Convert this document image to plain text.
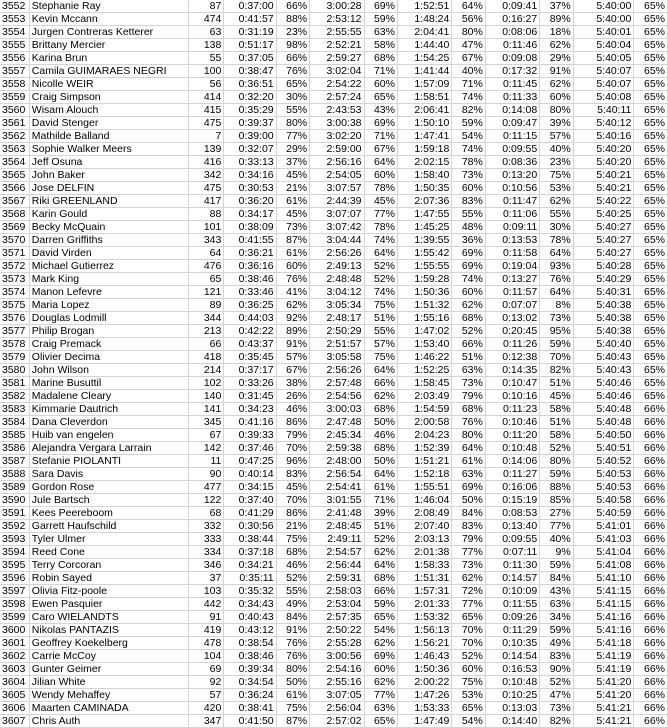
3552	Stephanie Ray	87	0:37:00	66%	3:00:28	69%	1:52:51	64%	0:09:41	37%	5:40:00	65%
3553	Kevin Mccann	474	0:41:57	88%	2:53:12	59%	1:48:24	56%	0:16:27	89%	5:40:00	65%
3554	Jurgen Contreras Ketterer	63	0:31:19	23%	2:55:55	63%	2:04:41	80%	0:08:06	18%	5:40:01	65%
3555	Brittany Mercier	138	0:51:17	98%	2:52:21	58%	1:44:40	47%	0:11:46	62%	5:40:04	65%
3556	Karina Brun	55	0:37:05	66%	2:59:27	68%	1:54:25	67%	0:09:08	29%	5:40:05	65%
3557	Camila GUIMARAES NEGRI	100	0:38:47	76%	3:02:04	71%	1:41:44	40%	0:17:32	91%	5:40:07	65%
3558	Nicolle WEIR	56	0:36:51	65%	2:54:22	60%	1:57:09	71%	0:11:45	62%	5:40:07	65%
3559	Craig Simpson	414	0:32:20	30%	2:57:24	65%	1:58:51	74%	0:11:33	60%	5:40:08	65%
3560	Wisam Alouch	415	0:35:29	55%	2:43:53	43%	2:06:41	82%	0:14:08	80%	5:40:11	65%
3561	David Stenger	475	0:39:37	80%	3:00:38	69%	1:50:10	59%	0:09:47	39%	5:40:12	65%
3562	Mathilde Balland	7	0:39:00	77%	3:02:20	71%	1:47:41	54%	0:11:15	57%	5:40:16	65%
3563	Sophie Walker Meers	139	0:32:07	29%	2:59:00	67%	1:59:18	74%	0:09:55	40%	5:40:20	65%
3564	Jeff Osuna	416	0:33:13	37%	2:56:16	64%	2:02:15	78%	0:08:36	23%	5:40:20	65%
3565	John Baker	342	0:34:16	45%	2:54:05	60%	1:58:40	73%	0:13:20	75%	5:40:21	65%
3566	Jose DELFIN	475	0:30:53	21%	3:07:57	78%	1:50:35	60%	0:10:56	53%	5:40:21	65%
3567	Riki GREENLAND	417	0:36:20	61%	2:44:39	45%	2:07:36	83%	0:11:47	62%	5:40:22	65%
3568	Karin Gould	88	0:34:17	45%	3:07:07	77%	1:47:55	55%	0:11:06	55%	5:40:25	65%
3569	Becky McQuain	101	0:38:09	73%	3:07:42	78%	1:45:25	48%	0:09:11	30%	5:40:27	65%
3570	Darren Griffiths	343	0:41:55	87%	3:04:44	74%	1:39:55	36%	0:13:53	78%	5:40:27	65%
3571	David Virden	64	0:36:21	61%	2:56:26	64%	1:55:42	69%	0:11:58	64%	5:40:27	65%
3572	Michael Gutierrez	476	0:36:16	60%	2:49:13	52%	1:55:55	69%	0:19:04	93%	5:40:28	65%
3573	Mark King	65	0:38:46	76%	2:48:48	52%	1:59:28	74%	0:13:27	76%	5:40:29	65%
3574	Manon Lefevre	121	0:33:46	41%	3:04:12	74%	1:50:36	60%	0:11:57	64%	5:40:31	65%
3575	Maria Lopez	89	0:36:25	62%	3:05:34	75%	1:51:32	62%	0:07:07	8%	5:40:38	65%
3576	Douglas Lodmill	344	0:44:03	92%	2:48:17	51%	1:55:16	68%	0:13:02	73%	5:40:38	65%
3577	Philip Brogan	213	0:42:22	89%	2:50:29	55%	1:47:02	52%	0:20:45	95%	5:40:38	65%
3578	Craig Premack	66	0:43:37	91%	2:51:57	57%	1:53:40	66%	0:11:26	59%	5:40:40	65%
3579	Olivier Decima	418	0:35:45	57%	3:05:58	75%	1:46:22	51%	0:12:38	70%	5:40:43	65%
3580	John Wilson	214	0:37:17	67%	2:56:26	64%	1:52:25	63%	0:14:35	82%	5:40:43	65%
3581	Marine Busuttil	102	0:33:26	38%	2:57:48	66%	1:58:45	73%	0:10:47	51%	5:40:46	65%
3582	Madalene Cleary	140	0:31:45	26%	2:54:56	62%	2:03:49	79%	0:10:16	45%	5:40:46	65%
3583	Kimmarie Dautrich	141	0:34:23	46%	3:00:03	68%	1:54:59	68%	0:11:23	58%	5:40:48	66%
3584	Dana Cleverdon	345	0:41:16	86%	2:47:48	50%	2:00:58	76%	0:10:46	51%	5:40:48	66%
3585	Huib van engelen	67	0:39:33	79%	2:45:34	46%	2:04:23	80%	0:11:20	58%	5:40:50	66%
3586	Alejandra Vergara Larrain	142	0:37:46	70%	2:59:38	68%	1:52:39	64%	0:10:48	52%	5:40:51	66%
3587	Stefanie PIOLANTI	11	0:47:25	96%	2:48:00	50%	1:51:21	61%	0:14:06	80%	5:40:52	66%
3588	Sara Davis	90	0:40:14	83%	2:56:54	64%	1:52:18	63%	0:11:27	59%	5:40:53	66%
3589	Gordon Rose	477	0:34:15	45%	2:54:41	61%	1:55:51	69%	0:16:06	88%	5:40:53	66%
3590	Jule Bartsch	122	0:37:40	70%	3:01:55	71%	1:46:04	50%	0:15:19	85%	5:40:58	66%
3591	Kees Peereboom	68	0:41:29	86%	2:41:48	39%	2:08:49	84%	0:08:53	27%	5:40:59	66%
3592	Garrett Haufschild	332	0:30:56	21%	2:48:45	51%	2:07:40	83%	0:13:40	77%	5:41:01	66%
3593	Tyler Ulmer	333	0:38:44	75%	2:49:11	52%	2:03:13	79%	0:09:55	40%	5:41:03	66%
3594	Reed Cone	334	0:37:18	68%	2:54:57	62%	2:01:38	77%	0:07:11	9%	5:41:04	66%
3595	Terry Corcoran	346	0:34:21	46%	2:56:44	64%	1:58:33	73%	0:11:30	59%	5:41:08	66%
3596	Robin Sayed	37	0:35:11	52%	2:59:31	68%	1:51:31	62%	0:14:57	84%	5:41:10	66%
3597	Olivia Fitz-poole	103	0:35:32	55%	2:58:03	66%	1:57:31	72%	0:10:09	43%	5:41:15	66%
3598	Ewen Pasquier	442	0:34:43	49%	2:53:04	59%	2:01:33	77%	0:11:55	63%	5:41:15	66%
3599	Caro WIELANDTS	91	0:40:43	84%	2:57:35	65%	1:53:32	65%	0:09:26	34%	5:41:16	66%
3600	Nikolas PANTAZIS	419	0:43:12	91%	2:50:22	54%	1:56:13	70%	0:11:29	59%	5:41:16	66%
3601	Geoffrey Koekelberg	478	0:38:54	76%	2:55:28	62%	1:56:21	70%	0:10:35	49%	5:41:18	66%
3602	Carrie McCoy	104	0:38:46	76%	3:00:56	69%	1:46:43	52%	0:14:54	83%	5:41:19	66%
3603	Gunter Geimer	69	0:39:34	80%	2:54:16	60%	1:50:36	60%	0:16:53	90%	5:41:19	66%
3604	Jilian White	92	0:34:54	50%	2:55:16	62%	2:00:22	75%	0:10:48	52%	5:41:20	66%
3605	Wendy Mehaffey	57	0:36:24	61%	3:07:05	77%	1:47:26	53%	0:10:25	47%	5:41:20	66%
3606	Maarten CAMINADA	420	0:38:41	75%	2:56:04	63%	1:53:33	65%	0:13:03	73%	5:41:21	66%
3607	Chris Auth	347	0:41:50	87%	2:57:02	65%	1:47:49	54%	0:14:40	82%	5:41:21	66%
